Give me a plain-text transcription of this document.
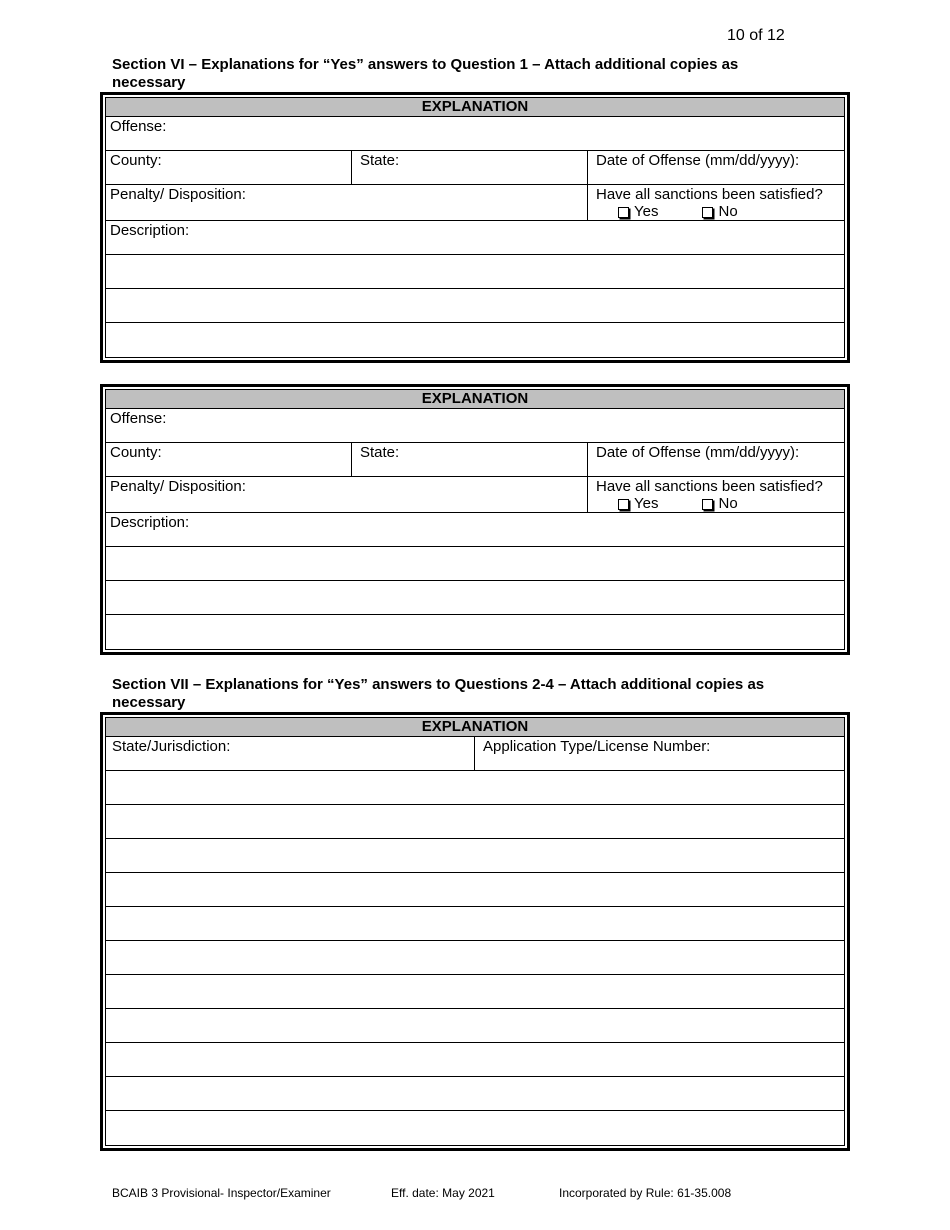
10 of 12
Section VI – Explanations for “Yes” answers to Question 1 – Attach additional copies as necessary
EXPLANATION
Offense:
County:	State:	Date of Offense (mm/dd/yyyy):
Penalty/ Disposition:	Have all sanctions been satisfied?
Yes	No
Description:
EXPLANATION
Offense:
County:	State:	Date of Offense (mm/dd/yyyy):
Penalty/ Disposition:	Have all sanctions been satisfied?
Yes	No
Description:
Section VII – Explanations for “Yes” answers to Questions 2-4 – Attach additional copies as necessary
EXPLANATION
State/Jurisdiction:	Application Type/License Number:
BCAIB 3 Provisional- Inspector/Examiner	Eff. date: May 2021	Incorporated by Rule: 61-35.008
